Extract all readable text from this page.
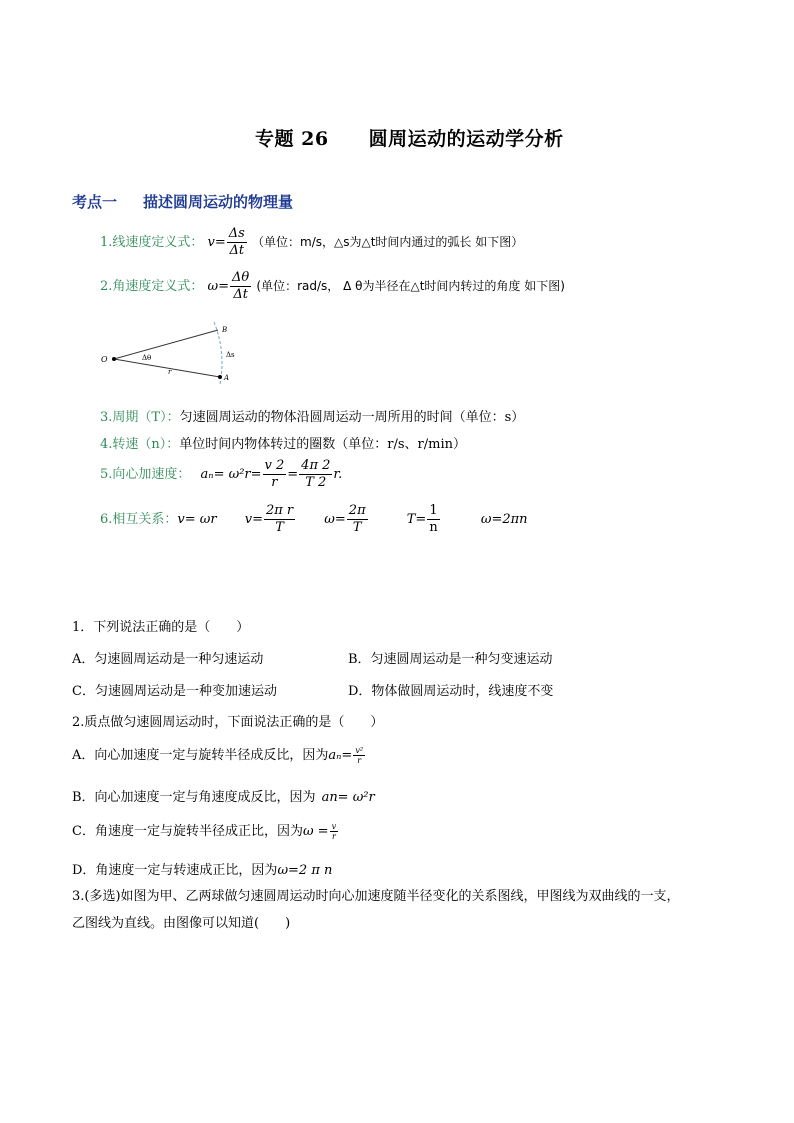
专题 26 圆周运动的运动学分析
考点一 描述圆周运动的物理量
1.线速度定义式： $v= \frac{\Delta s}{\Delta t}$ （单位：m/s，△s为△t时间内通过的弧长 如下图）
2.角速度定义式： $\omega= \frac{\Delta\theta}{\Delta t}$ (单位：rad/s， Δ θ为半径在△t时间内转过的角度 如下图)
O
B
A
Δθ
r
Δs
3.周期（T）：匀速圆周运动的物体沿圆周运动一周所用的时间（单位：s）
4.转速（n）：单位时间内物体转过的圈数（单位：r/s、r/min）
5.向心加速度： $a_n= \omega^2r= \frac{v 2}{r} = \frac{4\pi 2}{T 2} r$.
6.相互关系：v= ωr $v= \frac{\text{2π r}}{T} \omega= \frac{2\pi}{T}$	$T= \frac{1}{n}$	ω=2πn
1．下列说法正确的是（　　）
A．匀速圆周运动是一种匀速运动	B．匀速圆周运动是一种匀变速运动
C．匀速圆周运动是一种变加速运动	D．物体做圆周运动时，线速度不变
2.质点做匀速圆周运动时，下面说法正确的是（　　）
A．向心加速度一定与旋转半径成反比，因为$a_n= \frac{\text{v²}}{r}$
B．向心加速度一定与角速度成反比，因为 an= ω²r
C．角速度一定与旋转半径成正比，因为$\omega = \frac{v}{r}$
D．角速度一定与转速成正比，因为ω=2 π n
3.(多选)如图为甲、乙两球做匀速圆周运动时向心加速度随半径变化的关系图线，甲图线为双曲线的一支，
乙图线为直线。由图像可以知道(　　)
